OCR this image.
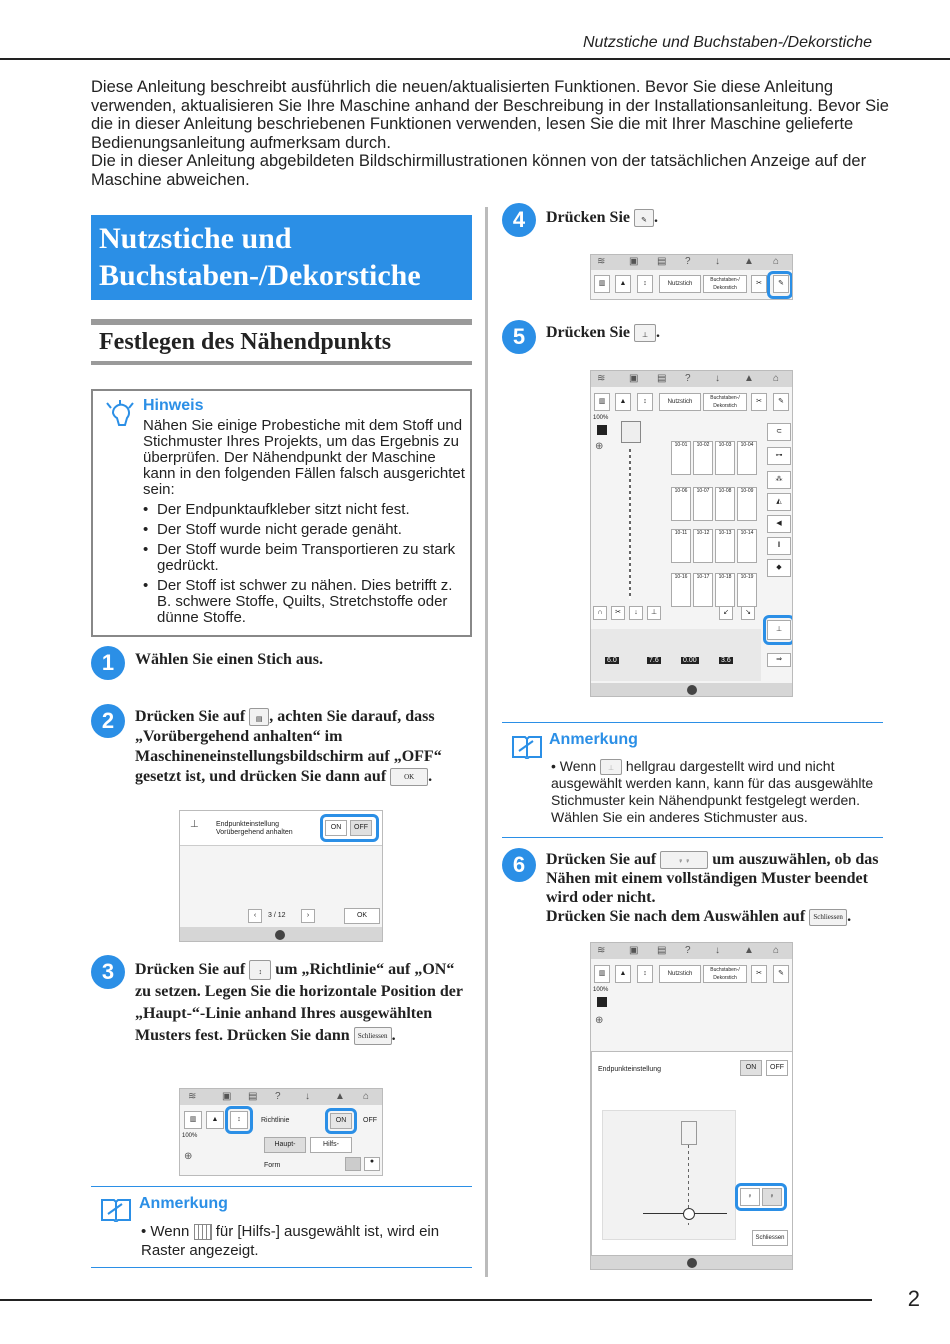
Nutzstiche und Buchstaben-/Dekorstiche

Diese Anleitung beschreibt ausführlich die neuen/aktualisierten Funktionen. Bevor Sie diese Anleitung verwenden, aktualisieren Sie Ihre Maschine anhand der Beschreibung in der Installationsanleitung. Bevor Sie die in dieser Anleitung beschriebenen Funktionen verwenden, lesen Sie die mit Ihrer Maschine gelieferte Bedienungsanleitung aufmerksam durch.

Die in dieser Anleitung abgebildeten Bildschirmillustrationen können von der tatsächlichen Anzeige auf der Maschine abweichen.

Nutzstiche und
Buchstaben-/Dekorstiche
Festlegen des Nähendpunkts
Hinweis
Nähen Sie einige Probestiche mit dem Stoff und Stichmuster Ihres Projekts, um das Ergebnis zu überprüfen. Der Nähendpunkt der Maschine kann in den folgenden Fällen falsch ausgerichtet sein:
• Der Endpunktaufkleber sitzt nicht fest.
• Der Stoff wurde nicht gerade genäht.
• Der Stoff wurde beim Transportieren zu stark gedrückt.
• Der Stoff ist schwer zu nähen. Dies betrifft z. B. schwere Stoffe, Quilts, Stretchstoffe oder dünne Stoffe.
1	Wählen Sie einen Stich aus.
2	Drücken Sie auf ▤ , achten Sie darauf, dass „Vorübergehend anhalten“ im Maschineneinstellungsbildschirm auf „OFF“ gesetzt ist, und drücken Sie dann auf	OK .
⊥ Endpunkteinstellung
Vorübergehend anhalten
ON	OFF
‹	3 / 12	›	OK
3	Drücken Sie auf ↕ um „Richtlinie“ auf „ON“ zu setzen. Legen Sie die horizontale Position der „Haupt-“-Linie anhand Ihres ausgewählten Musters fest. Drücken Sie dann Schliessen .
≋	▣ ▤ ? ↓	▲ ⌂
▥	▲	↕	Richtlinie	ON	OFF
100%
Haupt-	Hilfs-
Form
●
⊕
Anmerkung
• Wenn für [Hilfs-] ausgewählt ist, wird ein Raster angezeigt.
4	Drücken Sie ✎ .
≋ ▣ ▤ ? ↓ ▲ ⌂
▥	▲	↕	Nutzstich
Buchstaben-/ Dekorstich
✂	✎
5	Drücken Sie ⊥ .
≋ ▣ ▤ ? ↓ ▲ ⌂
▥	▲	↕	Nutzstich
Buchstaben-/ Dekorstich
✂	✎
100%
⊕	10-01	10-02	10-03	10-04
10-06	10-07	10-08	10-09
10-11	10-12	10-13	10-14
10-16	10-17	10-18	10-19
⊂
⊶
⁂
◭
◀
‖
◆
∩	✂	↓	⊥	↙	↘
⊥
6.0	7.6	0.00	3.6	⇒
Anmerkung
• Wenn ⊥ hellgrau dargestellt wird und nicht ausgewählt werden kann, kann für das ausgewählte Stichmuster kein Nähendpunkt festgelegt werden. Wählen Sie ein anderes Stichmuster aus.
6	Drücken Sie auf	♀ ♀ um auszuwählen, ob das Nähen mit einem vollständigen Muster beendet wird oder nicht.
Drücken Sie nach dem Auswählen auf Schliessen .
≋ ▣ ▤ ? ↓ ▲ ⌂
▥	▲	↕	Nutzstich
Buchstaben-/ Dekorstich
✂	✎
100%
⊕
Endpunkteinstellung	ON	OFF
♀	♀
Schliessen
2
